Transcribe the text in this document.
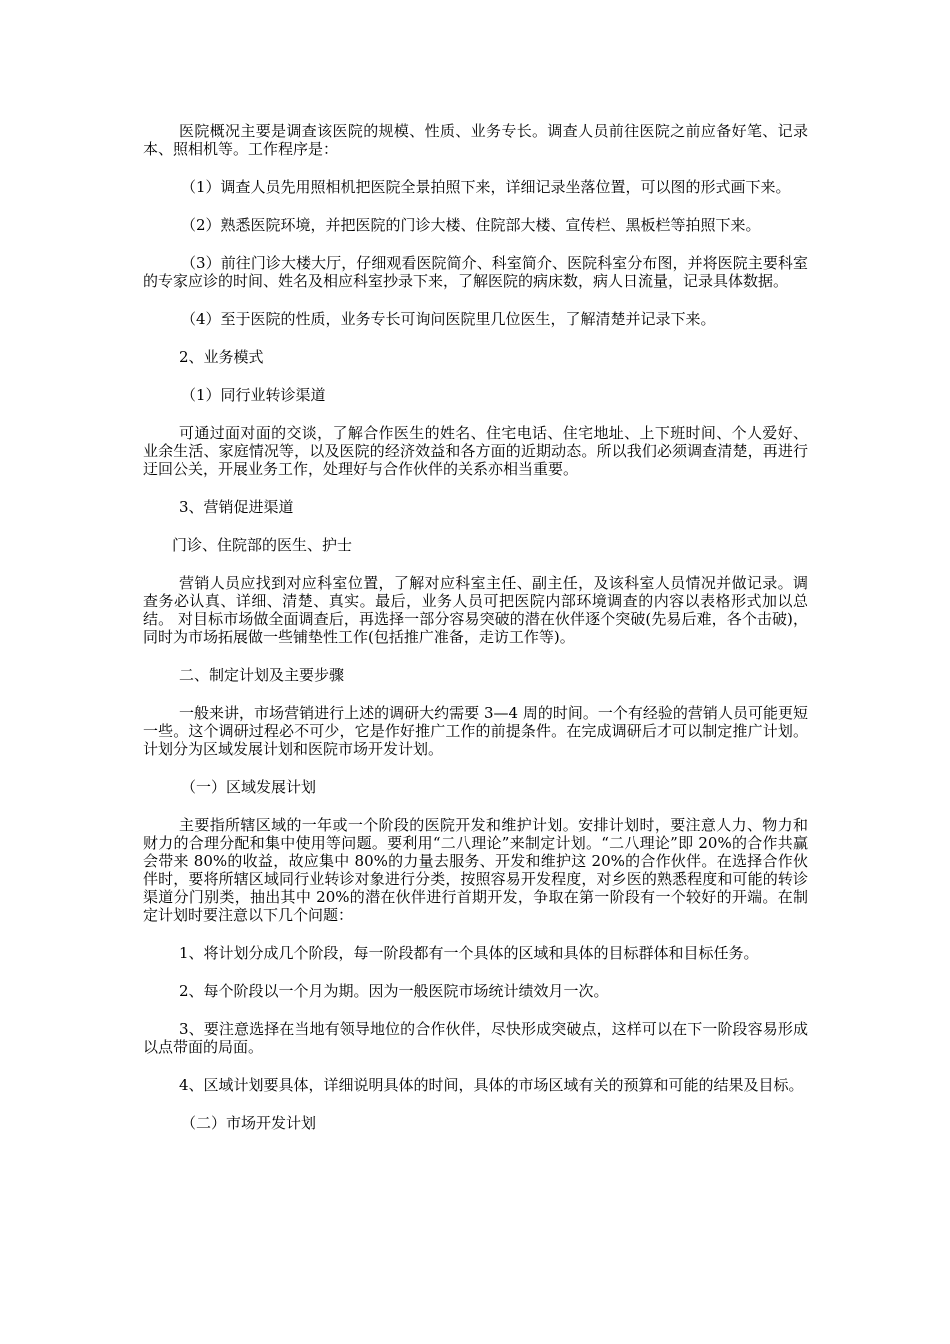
医院概况主要是调查该医院的规模、性质、业务专长。调查人员前往医院之前应备好笔、记录本、照相机等。工作程序是：

（1）调查人员先用照相机把医院全景拍照下来，详细记录坐落位置，可以图的形式画下来。

（2）熟悉医院环境，并把医院的门诊大楼、住院部大楼、宣传栏、黑板栏等拍照下来。

（3）前往门诊大楼大厅，仔细观看医院简介、科室简介、医院科室分布图，并将医院主要科室的专家应诊的时间、姓名及相应科室抄录下来，了解医院的病床数，病人日流量，记录具体数据。

（4）至于医院的性质，业务专长可询问医院里几位医生，了解清楚并记录下来。

2、业务模式

（1）同行业转诊渠道

可通过面对面的交谈，了解合作医生的姓名、住宅电话、住宅地址、上下班时间、个人爱好、业余生活、家庭情况等，以及医院的经济效益和各方面的近期动态。所以我们必须调查清楚，再进行迂回公关，开展业务工作，处理好与合作伙伴的关系亦相当重要。

3、营销促进渠道

门诊、住院部的医生、护士

营销人员应找到对应科室位置，了解对应科室主任、副主任，及该科室人员情况并做记录。调查务必认真、详细、清楚、真实。最后，业务人员可把医院内部环境调查的内容以表格形式加以总结。 对目标市场做全面调查后，再选择一部分容易突破的潜在伙伴逐个突破(先易后难，各个击破)，同时为市场拓展做一些铺垫性工作(包括推广准备，走访工作等)。

二、制定计划及主要步骤

一般来讲，市场营销进行上述的调研大约需要 3—4 周的时间。一个有经验的营销人员可能更短一些。这个调研过程必不可少，它是作好推广工作的前提条件。在完成调研后才可以制定推广计划。计划分为区域发展计划和医院市场开发计划。

（一）区域发展计划

主要指所辖区域的一年或一个阶段的医院开发和维护计划。安排计划时，要注意人力、物力和财力的合理分配和集中使用等问题。要利用“二八理论”来制定计划。“二八理论”即 20%的合作共赢会带来 80%的收益，故应集中 80%的力量去服务、开发和维护这 20%的合作伙伴。在选择合作伙伴时，要将所辖区域同行业转诊对象进行分类，按照容易开发程度，对乡医的熟悉程度和可能的转诊渠道分门别类，抽出其中 20%的潜在伙伴进行首期开发，争取在第一阶段有一个较好的开端。在制定计划时要注意以下几个问题：

1、将计划分成几个阶段，每一阶段都有一个具体的区域和具体的目标群体和目标任务。

2、每个阶段以一个月为期。因为一般医院市场统计绩效月一次。

3、要注意选择在当地有领导地位的合作伙伴，尽快形成突破点，这样可以在下一阶段容易形成以点带面的局面。

4、区域计划要具体，详细说明具体的时间，具体的市场区域有关的预算和可能的结果及目标。

（二）市场开发计划
